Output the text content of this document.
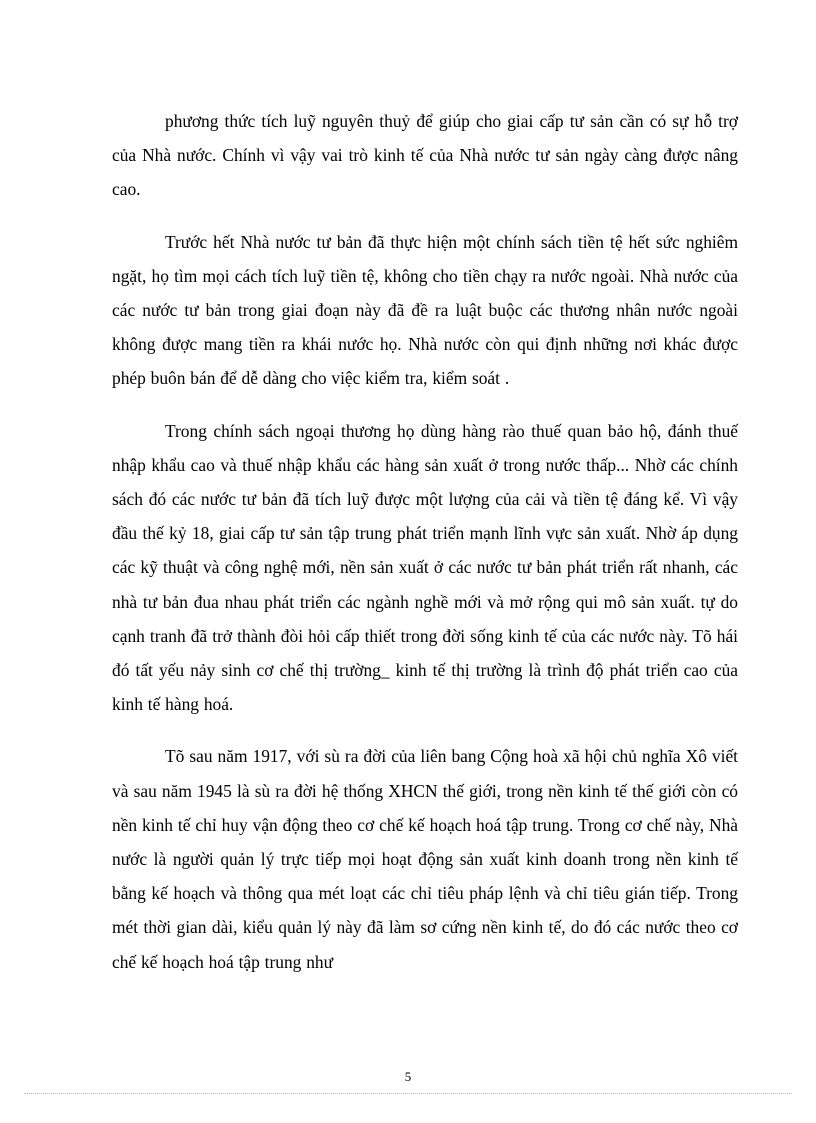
phương thức tích luỹ nguyên thuỷ để giúp cho giai cấp tư sản cần có sự hỗ trợ của Nhà nước. Chính vì vậy vai trò kinh tế của Nhà nước tư sản ngày càng được nâng cao.

Trước hết Nhà nước tư bản đã thực hiện một chính sách tiền tệ hết sức nghiêm ngặt, họ tìm mọi cách tích luỹ tiền tệ, không cho tiền chạy ra nước ngoài. Nhà nước của các nước tư bản trong giai đoạn này đã đề ra luật buộc các thương nhân nước ngoài không được mang tiền ra khái nước họ. Nhà nước còn qui định những nơi khác được phép buôn bán để dễ dàng cho việc kiểm tra, kiểm soát .

Trong chính sách ngoại thương họ dùng hàng rào thuế quan bảo hộ, đánh thuế nhập khẩu cao và thuế nhập khẩu các hàng sản xuất ở trong nước thấp... Nhờ các chính sách đó các nước tư bản đã tích luỹ được một lượng của cải và tiền tệ đáng kể. Vì vậy đầu thế kỷ 18, giai cấp tư sản tập trung phát triển mạnh lĩnh vực sản xuất. Nhờ áp dụng các kỹ thuật và công nghệ mới, nền sản xuất ở các nước tư bản phát triển rất nhanh, các nhà tư bản đua nhau phát triển các ngành nghề mới và mở rộng qui mô sản xuất. tự do cạnh tranh đã trở thành đòi hỏi cấp thiết trong đời sống kinh tế của các nước này. Tõ hái đó tất yếu nảy sinh cơ chế thị trường_ kinh tế thị trường là trình độ phát triển cao của kinh tế hàng hoá.

Tõ sau năm 1917, với sù ra đời của liên bang Cộng hoà xã hội chủ nghĩa Xô viết và sau năm 1945 là sù ra đời hệ thống XHCN thế giới, trong nền kinh tế thế giới còn có nền kinh tế chỉ huy vận động theo cơ chế kế hoạch hoá tập trung. Trong cơ chế này, Nhà nước là người quản lý trực tiếp mọi hoạt động sản xuất kinh doanh trong nền kinh tế bằng kế hoạch và thông qua mét loạt các chỉ tiêu pháp lệnh và chỉ tiêu gián tiếp. Trong mét thời gian dài, kiểu quản lý này đã làm sơ cứng nền kinh tế, do đó các nước theo cơ chế kế hoạch hoá tập trung như

5
